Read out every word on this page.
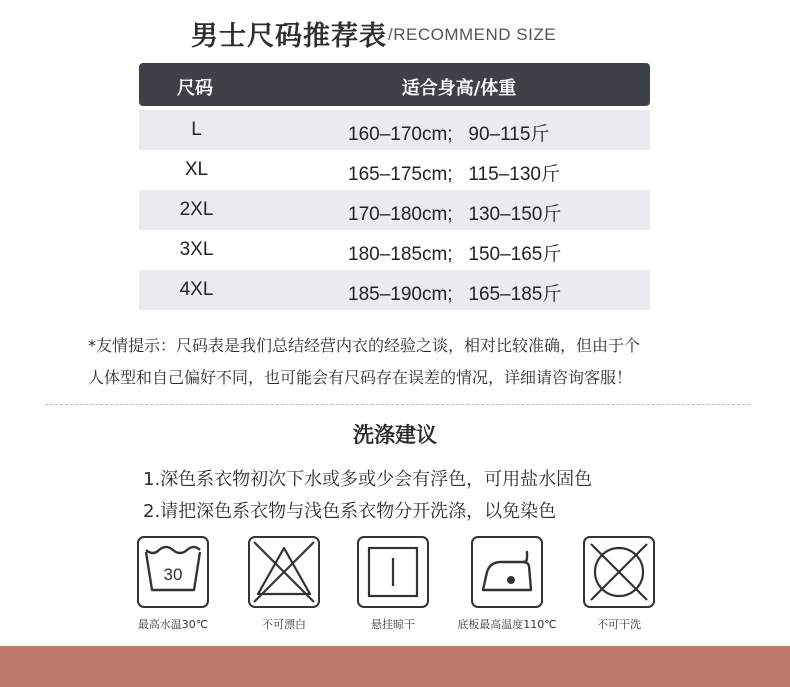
男士尺码推荐表 /RECOMMEND SIZE
尺码	适合身高/体重
L	160–170cm;   90–115斤
XL	165–175cm;   115–130斤
2XL	170–180cm;   130–150斤
3XL	180–185cm;   150–165斤
4XL	185–190cm;   165–185斤
*友情提示：尺码表是我们总结经营内衣的经验之谈，相对比较准确，但由于个
人体型和自己偏好不同，也可能会有尺码存在误差的情况，详细请咨询客服！
洗涤建议
1.深色系衣物初次下水或多或少会有浮色，可用盐水固色
2.请把深色系衣物与浅色系衣物分开洗涤，以免染色
30
最高水温30℃	不可漂白	悬挂晾干	底板最高温度110℃	不可干洗
